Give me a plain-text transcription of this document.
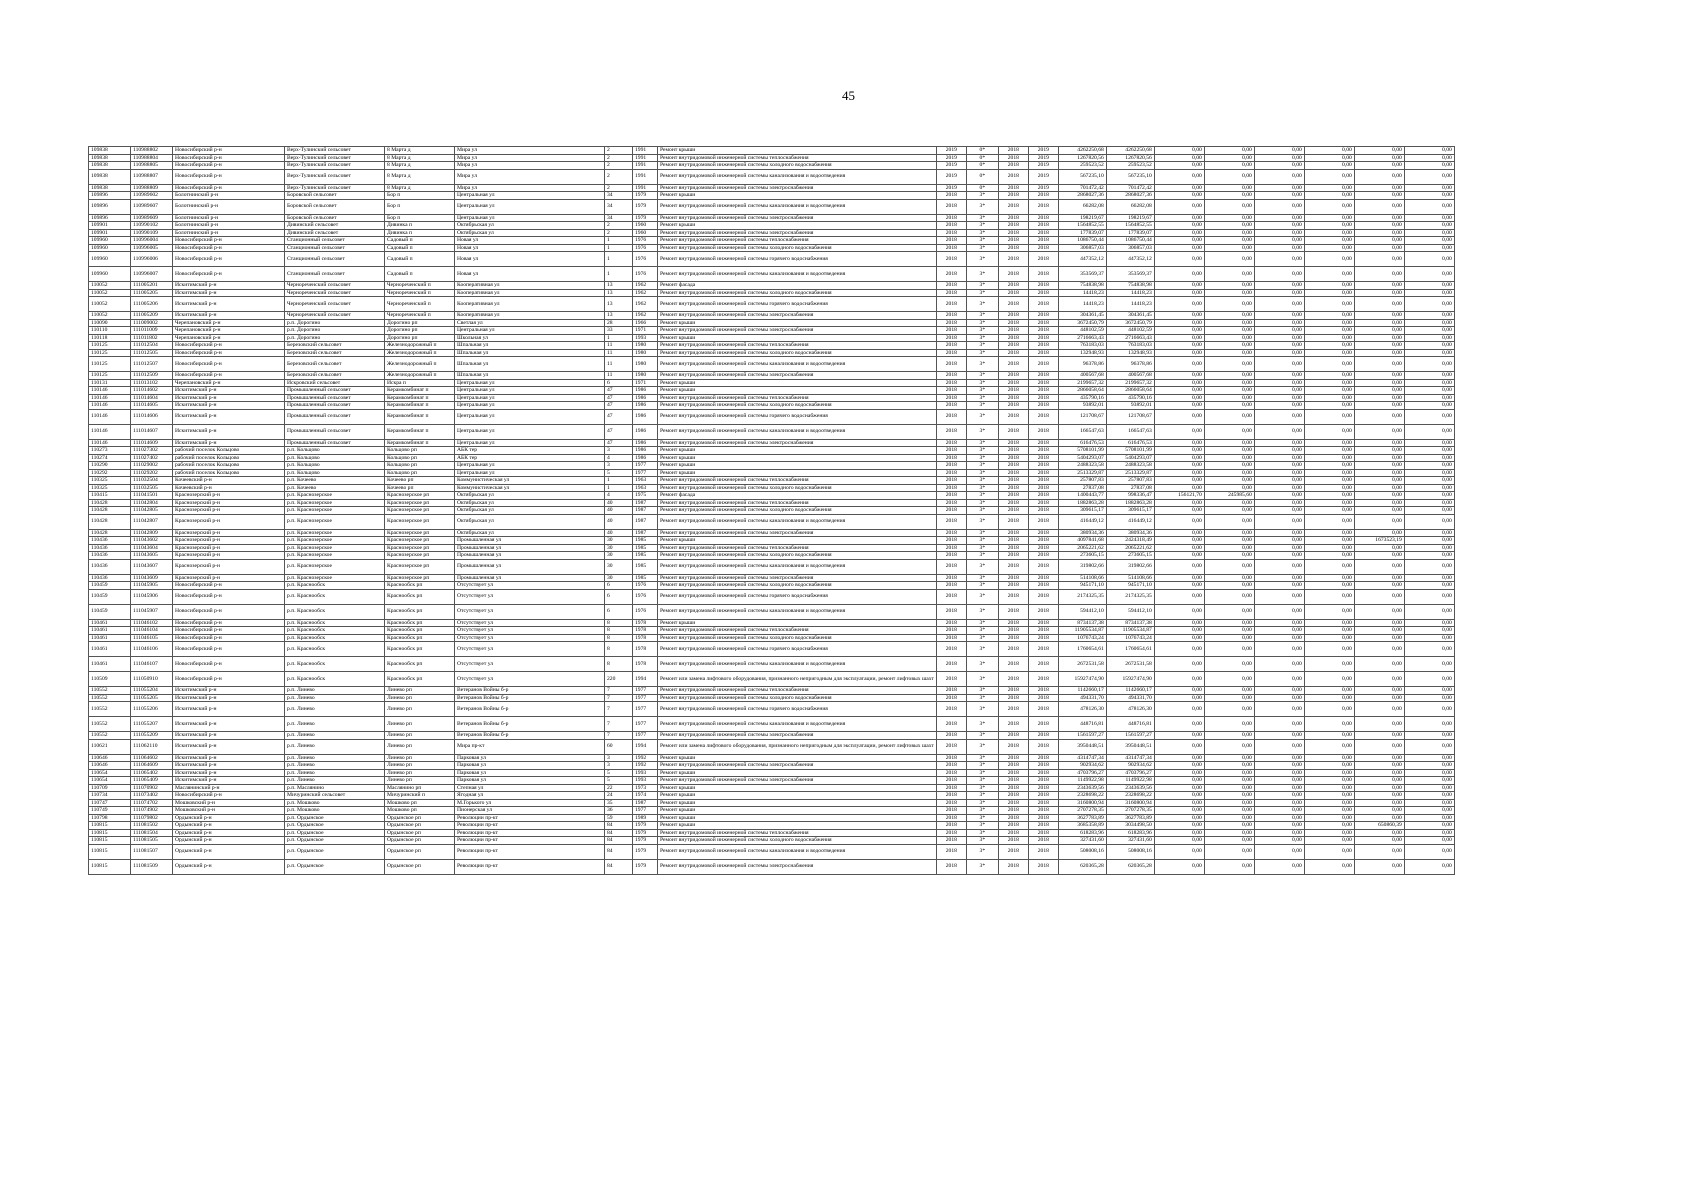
45
109838	110988802	Новосибирский р-н	Верх-Тулинский сельсовет	8 Марта д	Мира ул	2	1991	Ремонт крыши	2019	0*	2018	2019	4262250,68	4262250,68	0,00	0,00	0,00	0,00	0,00	0,00
109838	110988804	Новосибирский р-н	Верх-Тулинский сельсовет	8 Марта д	Мира ул	2	1991	Ремонт внутридомовой инженерной системы теплоснабжения	2019	0*	2018	2019	1267820,56	1267820,56	0,00	0,00	0,00	0,00	0,00	0,00
109838	110988805	Новосибирский р-н	Верх-Тулинский сельсовет	8 Марта д	Мира ул	2	1991	Ремонт внутридомовой инженерной системы холодного водоснабжения	2019	0*	2018	2019	259523,52	259523,52	0,00	0,00	0,00	0,00	0,00	0,00
109838	110988807	Новосибирский р-н	Верх-Тулинский сельсовет	8 Марта д	Мира ул	2	1991	Ремонт внутридомовой инженерной системы канализования и водоотведения	2019	0*	2018	2019	567235,10	567235,10	0,00	0,00	0,00	0,00	0,00	0,00
109838	110988809	Новосибирский р-н	Верх-Тулинский сельсовет	8 Марта д	Мира ул	2	1991	Ремонт внутридомовой инженерной системы электроснабжения	2019	0*	2018	2019	701472,42	701472,42	0,00	0,00	0,00	0,00	0,00	0,00
109896	110989602	Болотнинский р-н	Боровской сельсовет	Бор п	Центральная ул	34	1979	Ремонт крыши	2018	3*	2018	2018	2868027,36	2868027,36	0,00	0,00	0,00	0,00	0,00	0,00
109896	110989607	Болотнинский р-н	Боровской сельсовет	Бор п	Центральная ул	34	1979	Ремонт внутридомовой инженерной системы канализования и водоотведения	2018	3*	2018	2018	66282,08	66282,08	0,00	0,00	0,00	0,00	0,00	0,00
109896	110989609	Болотнинский р-н	Боровской сельсовет	Бор п	Центральная ул	34	1979	Ремонт внутридомовой инженерной системы электроснабжения	2018	3*	2018	2018	198219,67	198219,67	0,00	0,00	0,00	0,00	0,00	0,00
109901	110990102	Болотнинский р-н	Дивинский сельсовет	Дивинка п	Октябрьская ул	2	1960	Ремонт крыши	2018	3*	2018	2018	1564852,55	1564852,55	0,00	0,00	0,00	0,00	0,00	0,00
109901	110990109	Болотнинский р-н	Дивинский сельсовет	Дивинка п	Октябрьская ул	2	1960	Ремонт внутридомовой инженерной системы электроснабжения	2018	3*	2018	2018	177839,07	177839,07	0,00	0,00	0,00	0,00	0,00	0,00
109960	110996004	Новосибирский р-н	Станционный сельсовет	Садовый п	Новая ул	1	1976	Ремонт внутридомовой инженерной системы теплоснабжения	2018	3*	2018	2018	1086750,44	1086750,44	0,00	0,00	0,00	0,00	0,00	0,00
109960	110996005	Новосибирский р-н	Станционный сельсовет	Садовый п	Новая ул	1	1976	Ремонт внутридомовой инженерной системы холодного водоснабжения	2018	3*	2018	2018	306857,03	306857,03	0,00	0,00	0,00	0,00	0,00	0,00
109960	110996006	Новосибирский р-н	Станционный сельсовет	Садовый п	Новая ул	1	1976	Ремонт внутридомовой инженерной системы горячего водоснабжения	2018	3*	2018	2018	447352,12	447352,12	0,00	0,00	0,00	0,00	0,00	0,00
109960	110996007	Новосибирский р-н	Станционный сельсовет	Садовый п	Новая ул	1	1976	Ремонт внутридомовой инженерной системы канализования и водоотведения	2018	3*	2018	2018	353569,37	353569,37	0,00	0,00	0,00	0,00	0,00	0,00
110052	111005201	Искитимский р-н	Чернореченский сельсовет	Чернореченский п	Кооперативная ул	13	1962	Ремонт фасада	2018	3*	2018	2018	754838,98	754838,98	0,00	0,00	0,00	0,00	0,00	0,00
110052	111005205	Искитимский р-н	Чернореченский сельсовет	Чернореченский п	Кооперативная ул	13	1962	Ремонт внутридомовой инженерной системы холодного водоснабжения	2018	3*	2018	2018	14418,23	14418,23	0,00	0,00	0,00	0,00	0,00	0,00
110052	111005206	Искитимский р-н	Чернореченский сельсовет	Чернореченский п	Кооперативная ул	13	1962	Ремонт внутридомовой инженерной системы горячего водоснабжения	2018	3*	2018	2018	14418,23	14418,23	0,00	0,00	0,00	0,00	0,00	0,00
110052	111005209	Искитимский р-н	Чернореченский сельсовет	Чернореченский п	Кооперативная ул	13	1962	Ремонт внутридомовой инженерной системы электроснабжения	2018	3*	2018	2018	304361,45	304361,45	0,00	0,00	0,00	0,00	0,00	0,00
110090	111009002	Черепановский р-н	р.п. Дорогино	Дорогино рп	Светлая ул	28	1966	Ремонт крыши	2018	3*	2018	2018	3672450,79	3672450,79	0,00	0,00	0,00	0,00	0,00	0,00
110110	111011009	Черепановский р-н	р.п. Дорогино	Дорогино рп	Центральная ул	33	1971	Ремонт внутридомовой инженерной системы электроснабжения	2018	3*	2018	2018	448102,59	448102,59	0,00	0,00	0,00	0,00	0,00	0,00
110118	111011802	Черепановский р-н	р.п. Дорогино	Дорогино рп	Школьная ул	1	1993	Ремонт крыши	2018	3*	2018	2018	2716663,43	2716663,43	0,00	0,00	0,00	0,00	0,00	0,00
110125	111012504	Новосибирский р-н	Березовский сельсовет	Железнодорожный п	Шпальная ул	11	1980	Ремонт внутридомовой инженерной системы теплоснабжения	2018	3*	2018	2018	763183,03	763183,03	0,00	0,00	0,00	0,00	0,00	0,00
110125	111012505	Новосибирский р-н	Березовский сельсовет	Железнодорожный п	Шпальная ул	11	1980	Ремонт внутридомовой инженерной системы холодного водоснабжения	2018	3*	2018	2018	132948,93	132948,93	0,00	0,00	0,00	0,00	0,00	0,00
110125	111012507	Новосибирский р-н	Березовский сельсовет	Железнодорожный п	Шпальная ул	11	1980	Ремонт внутридомовой инженерной системы канализования и водоотведения	2018	3*	2018	2018	96378,86	96378,86	0,00	0,00	0,00	0,00	0,00	0,00
110125	111012509	Новосибирский р-н	Березовский сельсовет	Железнодорожный п	Шпальная ул	11	1980	Ремонт внутридомовой инженерной системы электроснабжения	2018	3*	2018	2018	400567,68	400567,68	0,00	0,00	0,00	0,00	0,00	0,00
110131	111013102	Черепановский р-н	Искровский сельсовет	Искра п	Центральная ул	6	1971	Ремонт крыши	2018	3*	2018	2018	2199657,32	2199657,32	0,00	0,00	0,00	0,00	0,00	0,00
110146	111014602	Искитимский р-н	Промышленный сельсовет	Керамкомбинат п	Центральная ул	47	1986	Ремонт крыши	2018	3*	2018	2018	2866058,64	2866058,64	0,00	0,00	0,00	0,00	0,00	0,00
110146	111014604	Искитимский р-н	Промышленный сельсовет	Керамкомбинат п	Центральная ул	47	1986	Ремонт внутридомовой инженерной системы теплоснабжения	2018	3*	2018	2018	435790,16	435790,16	0,00	0,00	0,00	0,00	0,00	0,00
110146	111014605	Искитимский р-н	Промышленный сельсовет	Керамкомбинат п	Центральная ул	47	1986	Ремонт внутридомовой инженерной системы холодного водоснабжения	2018	3*	2018	2018	93892,01	93892,01	0,00	0,00	0,00	0,00	0,00	0,00
110146	111014606	Искитимский р-н	Промышленный сельсовет	Керамкомбинат п	Центральная ул	47	1986	Ремонт внутридомовой инженерной системы горячего водоснабжения	2018	3*	2018	2018	121708,67	121708,67	0,00	0,00	0,00	0,00	0,00	0,00
110146	111014607	Искитимский р-н	Промышленный сельсовет	Керамкомбинат п	Центральная ул	47	1986	Ремонт внутридомовой инженерной системы канализования и водоотведения	2018	3*	2018	2018	166547,63	166547,63	0,00	0,00	0,00	0,00	0,00	0,00
110146	111014609	Искитимский р-н	Промышленный сельсовет	Керамкомбинат п	Центральная ул	47	1986	Ремонт внутридомовой инженерной системы электроснабжения	2018	3*	2018	2018	616476,53	616476,53	0,00	0,00	0,00	0,00	0,00	0,00
110273	111027302	рабочий поселок Кольцово	р.п. Кольцово	Кольцово рп	АБК тер	3	1986	Ремонт крыши	2018	3*	2018	2018	5708101,99	5708101,99	0,00	0,00	0,00	0,00	0,00	0,00
110274	111027402	рабочий поселок Кольцово	р.п. Кольцово	Кольцово рп	АБК тер	4	1986	Ремонт крыши	2018	3*	2018	2018	5404293,07	5404293,07	0,00	0,00	0,00	0,00	0,00	0,00
110290	111029002	рабочий поселок Кольцово	р.п. Кольцово	Кольцово рп	Центральная ул	3	1977	Ремонт крыши	2018	3*	2018	2018	2488323,58	2488323,58	0,00	0,00	0,00	0,00	0,00	0,00
110292	111029202	рабочий поселок Кольцово	р.п. Кольцово	Кольцово рп	Центральная ул	5	1977	Ремонт крыши	2018	3*	2018	2018	2513329,87	2513329,87	0,00	0,00	0,00	0,00	0,00	0,00
110325	111032504	Кочеевский р-н	р.п. Кочеево	Кочеево рп	Коммунистическая ул	1	1963	Ремонт внутридомовой инженерной системы теплоснабжения	2018	3*	2018	2018	257807,83	257807,83	0,00	0,00	0,00	0,00	0,00	0,00
110325	111032505	Кочеевский р-н	р.п. Кочеево	Кочеево рп	Коммунистическая ул	1	1963	Ремонт внутридомовой инженерной системы холодного водоснабжения	2018	3*	2018	2018	27837,08	27837,08	0,00	0,00	0,00	0,00	0,00	0,00
110415	111041501	Краснозерский р-н	р.п. Краснозерское	Краснозерское рп	Октябрьская ул	4	1975	Ремонт фасада	2018	3*	2018	2018	1400443,77	998336,47	156121,70	245985,60	0,00	0,00	0,00	0,00
110428	111042804	Краснозерский р-н	р.п. Краснозерское	Краснозерское рп	Октябрьская ул	40	1987	Ремонт внутридомовой инженерной системы теплоснабжения	2018	3*	2018	2018	1882863,28	1882863,28	0,00	0,00	0,00	0,00	0,00	0,00
110428	111042805	Краснозерский р-н	р.п. Краснозерское	Краснозерское рп	Октябрьская ул	40	1987	Ремонт внутридомовой инженерной системы холодного водоснабжения	2018	3*	2018	2018	309615,17	309615,17	0,00	0,00	0,00	0,00	0,00	0,00
110428	111042807	Краснозерский р-н	р.п. Краснозерское	Краснозерское рп	Октябрьская ул	40	1987	Ремонт внутридомовой инженерной системы канализования и водоотведения	2018	3*	2018	2018	416449,12	416449,12	0,00	0,00	0,00	0,00	0,00	0,00
110428	111042809	Краснозерский р-н	р.п. Краснозерское	Краснозерское рп	Октябрьская ул	40	1987	Ремонт внутридомовой инженерной системы электроснабжения	2018	3*	2018	2018	380934,36	380934,36	0,00	0,00	0,00	0,00	0,00	0,00
110436	111043602	Краснозерский р-н	р.п. Краснозерское	Краснозерское рп	Промышленная ул	30	1985	Ремонт крыши	2018	3*	2018	2018	4097841,68	2424318,49	0,00	0,00	0,00	0,00	1673523,19	0,00
110436	111043604	Краснозерский р-н	р.п. Краснозерское	Краснозерское рп	Промышленная ул	30	1985	Ремонт внутридомовой инженерной системы теплоснабжения	2018	3*	2018	2018	2065221,62	2065221,62	0,00	0,00	0,00	0,00	0,00	0,00
110436	111043605	Краснозерский р-н	р.п. Краснозерское	Краснозерское рп	Промышленная ул	30	1985	Ремонт внутридомовой инженерной системы холодного водоснабжения	2018	3*	2018	2018	273605,15	273605,15	0,00	0,00	0,00	0,00	0,00	0,00
110436	111043607	Краснозерский р-н	р.п. Краснозерское	Краснозерское рп	Промышленная ул	30	1985	Ремонт внутридомовой инженерной системы канализования и водоотведения	2018	3*	2018	2018	319802,66	319802,66	0,00	0,00	0,00	0,00	0,00	0,00
110436	111043609	Краснозерский р-н	р.п. Краснозерское	Краснозерское рп	Промышленная ул	30	1985	Ремонт внутридомовой инженерной системы электроснабжения	2018	3*	2018	2018	514108,66	514108,66	0,00	0,00	0,00	0,00	0,00	0,00
110459	111045905	Новосибирский р-н	р.п. Краснообск	Краснообск рп	Отсутствует ул	6	1976	Ремонт внутридомовой инженерной системы холодного водоснабжения	2018	3*	2018	2018	945171,10	945171,10	0,00	0,00	0,00	0,00	0,00	0,00
110459	111045906	Новосибирский р-н	р.п. Краснообск	Краснообск рп	Отсутствует ул	6	1976	Ремонт внутридомовой инженерной системы горячего водоснабжения	2018	3*	2018	2018	2174325,35	2174325,35	0,00	0,00	0,00	0,00	0,00	0,00
110459	111045907	Новосибирский р-н	р.п. Краснообск	Краснообск рп	Отсутствует ул	6	1976	Ремонт внутридомовой инженерной системы канализования и водоотведения	2018	3*	2018	2018	594412,10	594412,10	0,00	0,00	0,00	0,00	0,00	0,00
110461	111046102	Новосибирский р-н	р.п. Краснообск	Краснообск рп	Отсутствует ул	8	1978	Ремонт крыши	2018	3*	2018	2018	8734137,38	8734137,38	0,00	0,00	0,00	0,00	0,00	0,00
110461	111046104	Новосибирский р-н	р.п. Краснообск	Краснообск рп	Отсутствует ул	8	1978	Ремонт внутридомовой инженерной системы теплоснабжения	2018	3*	2018	2018	11905534,87	11905534,87	0,00	0,00	0,00	0,00	0,00	0,00
110461	111046105	Новосибирский р-н	р.п. Краснообск	Краснообск рп	Отсутствует ул	8	1978	Ремонт внутридомовой инженерной системы холодного водоснабжения	2018	3*	2018	2018	1076743,24	1076743,24	0,00	0,00	0,00	0,00	0,00	0,00
110461	111046106	Новосибирский р-н	р.п. Краснообск	Краснообск рп	Отсутствует ул	8	1978	Ремонт внутридомовой инженерной системы горячего водоснабжения	2018	3*	2018	2018	1760654,61	1760654,61	0,00	0,00	0,00	0,00	0,00	0,00
110461	111046107	Новосибирский р-н	р.п. Краснообск	Краснообск рп	Отсутствует ул	8	1978	Ремонт внутридомовой инженерной системы канализования и водоотведения	2018	3*	2018	2018	2672531,58	2672531,58	0,00	0,00	0,00	0,00	0,00	0,00
110509	111050910	Новосибирский р-н	р.п. Краснообск	Краснообск рп	Отсутствует ул	220	1994	Ремонт или замена лифтового оборудования, признанного непригодным для эксплуатации, ремонт лифтовых шахт	2018	3*	2018	2018	15927474,90	15927474,90	0,00	0,00	0,00	0,00	0,00	0,00
110552	111055204	Искитимский р-н	р.п. Линево	Линево рп	Ветеранов Войны б-р	7	1977	Ремонт внутридомовой инженерной системы теплоснабжения	2018	3*	2018	2018	1142660,17	1142660,17	0,00	0,00	0,00	0,00	0,00	0,00
110552	111055205	Искитимский р-н	р.п. Линево	Линево рп	Ветеранов Войны б-р	7	1977	Ремонт внутридомовой инженерной системы холодного водоснабжения	2018	3*	2018	2018	494331,70	494331,70	0,00	0,00	0,00	0,00	0,00	0,00
110552	111055206	Искитимский р-н	р.п. Линево	Линево рп	Ветеранов Войны б-р	7	1977	Ремонт внутридомовой инженерной системы горячего водоснабжения	2018	3*	2018	2018	478126,30	478126,30	0,00	0,00	0,00	0,00	0,00	0,00
110552	111055207	Искитимский р-н	р.п. Линево	Линево рп	Ветеранов Войны б-р	7	1977	Ремонт внутридомовой инженерной системы канализования и водоотведения	2018	3*	2018	2018	448716,81	448716,81	0,00	0,00	0,00	0,00	0,00	0,00
110552	111055209	Искитимский р-н	р.п. Линево	Линево рп	Ветеранов Войны б-р	7	1977	Ремонт внутридомовой инженерной системы электроснабжения	2018	3*	2018	2018	1561597,27	1561597,27	0,00	0,00	0,00	0,00	0,00	0,00
110621	111062110	Искитимский р-н	р.п. Линево	Линево рп	Мира пр-кт	60	1994	Ремонт или замена лифтового оборудования, признанного непригодным для эксплуатации, ремонт лифтовых шахт	2018	3*	2018	2018	3950448,51	3950448,51	0,00	0,00	0,00	0,00	0,00	0,00
110646	111064602	Искитимский р-н	р.п. Линево	Линево рп	Парковая ул	3	1992	Ремонт крыши	2018	3*	2018	2018	4314747,34	4314747,34	0,00	0,00	0,00	0,00	0,00	0,00
110646	111064609	Искитимский р-н	р.п. Линево	Линево рп	Парковая ул	3	1992	Ремонт внутридомовой инженерной системы электроснабжения	2018	3*	2018	2018	902934,62	902934,62	0,00	0,00	0,00	0,00	0,00	0,00
110654	111065402	Искитимский р-н	р.п. Линево	Линево рп	Парковая ул	5	1993	Ремонт крыши	2018	3*	2018	2018	4703796,27	4703796,27	0,00	0,00	0,00	0,00	0,00	0,00
110654	111065409	Искитимский р-н	р.п. Линево	Линево рп	Парковая ул	5	1993	Ремонт внутридомовой инженерной системы электроснабжения	2018	3*	2018	2018	1149922,98	1149922,98	0,00	0,00	0,00	0,00	0,00	0,00
110709	111070902	Маслянинский р-н	р.п. Маслянино	Маслянино рп	Степная ул	22	1973	Ремонт крыши	2018	3*	2018	2018	2343639,56	2343639,56	0,00	0,00	0,00	0,00	0,00	0,00
110734	111073402	Новосибирский р-н	Мичуринский сельсовет	Мичуринский п	Ягодная ул	24	1974	Ремонт крыши	2018	3*	2018	2018	2328698,22	2328698,22	0,00	0,00	0,00	0,00	0,00	0,00
110747	111074702	Мошковский р-н	р.п. Мошково	Мошково рп	М.Горького ул	35	1987	Ремонт крыши	2018	3*	2018	2018	3160800,94	3160800,94	0,00	0,00	0,00	0,00	0,00	0,00
110749	111074902	Мошковский р-н	р.п. Мошково	Мошково рп	Пионерская ул	36	1977	Ремонт крыши	2018	3*	2018	2018	2707278,35	2707278,35	0,00	0,00	0,00	0,00	0,00	0,00
110798	111079802	Ордынский р-н	р.п. Ордынское	Ордынское рп	Революции пр-кт	59	1989	Ремонт крыши	2018	3*	2018	2018	3627783,89	3627783,89	0,00	0,00	0,00	0,00	0,00	0,00
110815	111081502	Ордынский р-н	р.п. Ордынское	Ордынское рп	Революции пр-кт	84	1979	Ремонт крыши	2018	3*	2018	2018	3685358,89	3034498,50	0,00	0,00	0,00	0,00	650860,39	0,00
110815	111081504	Ордынский р-н	р.п. Ордынское	Ордынское рп	Революции пр-кт	84	1979	Ремонт внутридомовой инженерной системы теплоснабжения	2018	3*	2018	2018	618283,96	618283,96	0,00	0,00	0,00	0,00	0,00	0,00
110815	111081505	Ордынский р-н	р.п. Ордынское	Ордынское рп	Революции пр-кт	84	1979	Ремонт внутридомовой инженерной системы холодного водоснабжения	2018	3*	2018	2018	327431,60	327431,60	0,00	0,00	0,00	0,00	0,00	0,00
110815	111081507	Ордынский р-н	р.п. Ордынское	Ордынское рп	Революции пр-кт	84	1979	Ремонт внутридомовой инженерной системы канализования и водоотведения	2018	3*	2018	2018	508008,16	508008,16	0,00	0,00	0,00	0,00	0,00	0,00
110815	111081509	Ордынский р-н	р.п. Ордынское	Ордынское рп	Революции пр-кт	84	1979	Ремонт внутридомовой инженерной системы электроснабжения	2018	3*	2018	2018	620365,28	620365,28	0,00	0,00	0,00	0,00	0,00	0,00
